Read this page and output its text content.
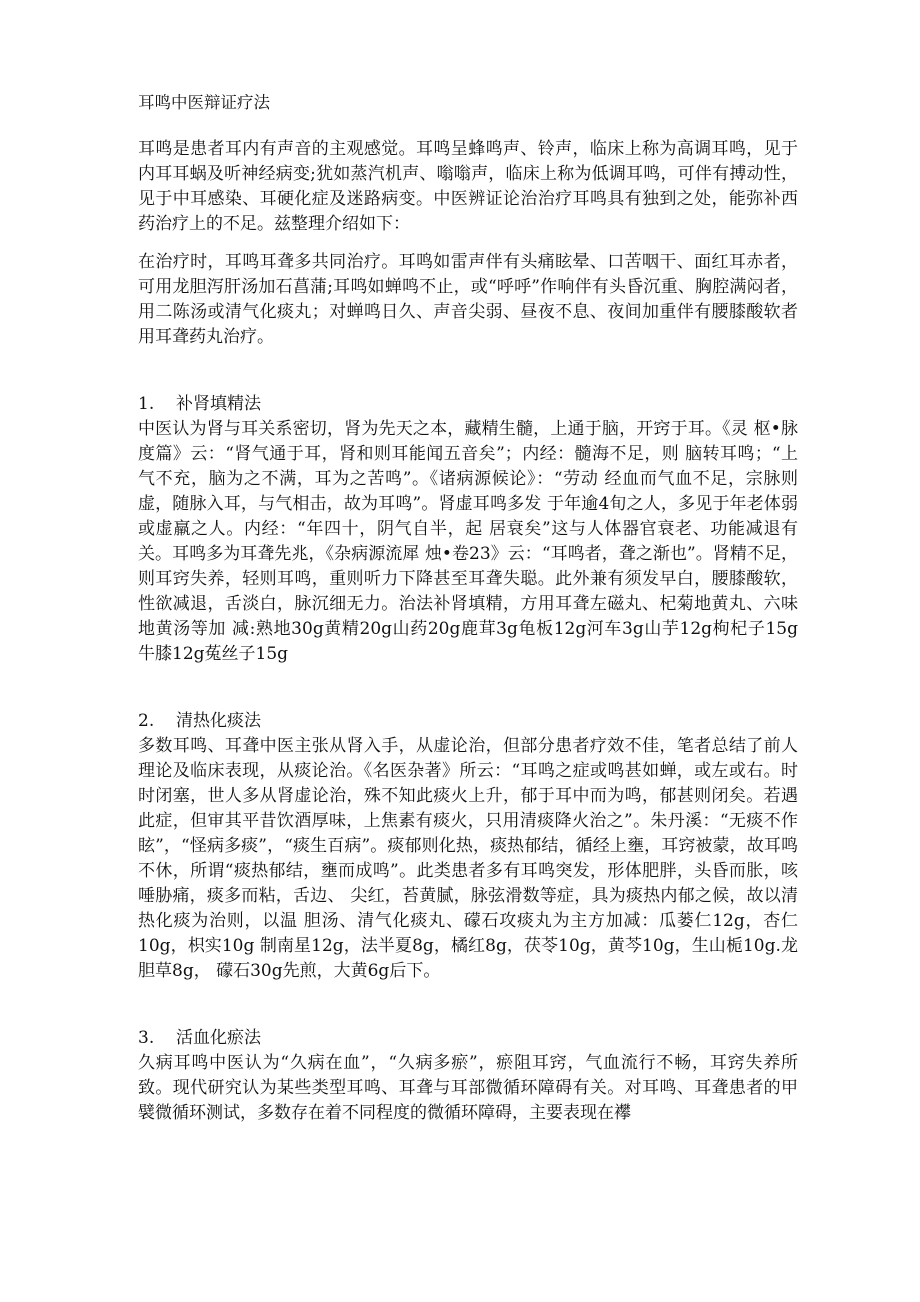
耳鸣中医辩证疗法

耳鸣是患者耳内有声音的主观感觉。耳鸣呈蜂鸣声、铃声，临床上称为高调耳鸣，见于内耳耳蜗及听神经病变;犹如蒸汽机声、嗡嗡声，临床上称为低调耳鸣，可伴有搏动性，见于中耳感染、耳硬化症及迷路病变。中医辨证论治治疗耳鸣具有独到之处，能弥补西药治疗上的不足。兹整理介绍如下：

在治疗时，耳鸣耳聋多共同治疗。耳鸣如雷声伴有头痛眩晕、口苦咽干、面红耳赤者，可用龙胆泻肝汤加石菖蒲;耳鸣如蝉鸣不止，或“呼呼”作响伴有头昏沉重、胸腔满闷者，用二陈汤或清气化痰丸；对蝉鸣日久、声音尖弱、昼夜不息、夜间加重伴有腰膝酸软者用耳聋药丸治疗。

1. 补肾填精法

中医认为肾与耳关系密切，肾为先天之本，藏精生髓，上通于脑，开窍于耳。《灵 枢•脉度篇》云：“肾气通于耳，肾和则耳能闻五音矣”；内经：髓海不足，则 脑转耳鸣；“上气不充，脑为之不满，耳为之苦鸣”。《诸病源候论》：“劳动 经血而气血不足，宗脉则虚，随脉入耳，与气相击，故为耳鸣”。肾虚耳鸣多发 于年逾4旬之人，多见于年老体弱或虚羸之人。内经：“年四十，阴气自半，起 居衰矣”这与人体器官衰老、功能减退有关。耳鸣多为耳聋先兆，《杂病源流犀 烛•卷23》云：“耳鸣者，聋之渐也”。肾精不足，则耳窍失养，轻则耳鸣，重则听力下降甚至耳聋失聪。此外兼有须发早白，腰膝酸软，性欲减退，舌淡白，脉沉细无力。治法补肾填精，方用耳聋左磁丸、杞菊地黄丸、六味地黄汤等加 减:熟地30g黄精20g山药20g鹿茸3g龟板12g河车3g山芋12g枸杞子15g 牛膝12g菟丝子15g

2. 清热化痰法

多数耳鸣、耳聋中医主张从肾入手，从虚论治，但部分患者疗效不佳，笔者总结了前人理论及临床表现，从痰论治。《名医杂著》所云：“耳鸣之症或鸣甚如蝉，或左或右。时时闭塞，世人多从肾虚论治，殊不知此痰火上升，郁于耳中而为鸣，郁甚则闭矣。若遇此症，但审其平昔饮酒厚味，上焦素有痰火，只用清痰降火治之”。朱丹溪：“无痰不作眩”，“怪病多痰”，“痰生百病”。痰郁则化热，痰热郁结，循经上壅，耳窍被蒙，故耳鸣不休，所谓“痰热郁结，壅而成鸣”。此类患者多有耳鸣突发，形体肥胖，头昏而胀，咳唾胁痛，痰多而粘，舌边、 尖红，苔黄腻，脉弦滑数等症，具为痰热内郁之候，故以清热化痰为治则，以温 胆汤、清气化痰丸、礞石攻痰丸为主方加减：瓜蒌仁12g，杏仁10g，枳实10g 制南星12g，法半夏8g，橘红8g，茯苓10g，黄芩10g，生山栀10g.龙胆草8g， 礞石30g先煎，大黄6g后下。

3. 活血化瘀法

久病耳鸣中医认为“久病在血”，“久病多瘀”，瘀阻耳窍，气血流行不畅，耳窍失养所致。现代研究认为某些类型耳鸣、耳聋与耳部微循环障碍有关。对耳鸣、耳聋患者的甲襞微循环测试，多数存在着不同程度的微循环障碍，主要表现在襻
